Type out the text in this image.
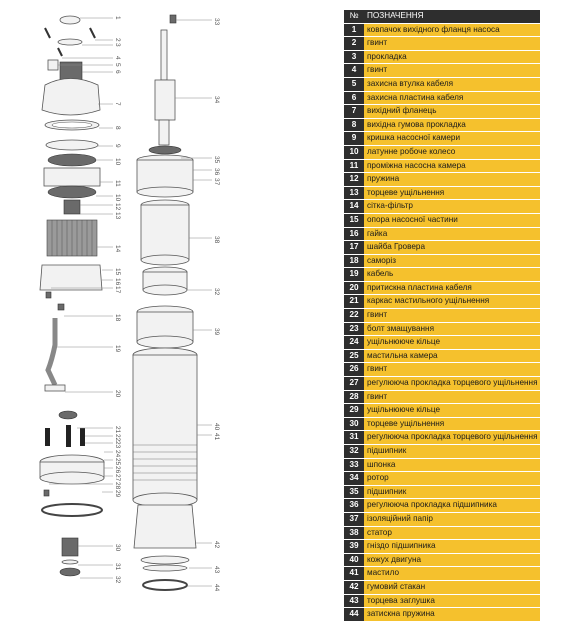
1
2
3
4
5
6
7
8
9
10
11
10
12
13
14
15
16
17
18
19
20
21
22
23
24
25
26
27
28
29
30
31
32
33
34
35
36
37
38
32
39
40
41
42
43
44
№	ПОЗНАЧЕННЯ
1	ковпачок вихідного фланця насоса
2	гвинт
3	прокладка
4	гвинт
5	захисна втулка кабеля
6	захисна пластина кабеля
7	вихідний фланець
8	вихідна гумова прокладка
9	кришка насосної камери
10	латунне робоче колесо
11	проміжна насосна камера
12	пружина
13	торцеве ущільнення
14	сітка-фільтр
15	опора насосної частини
16	гайка
17	шайба Гровера
18	саморіз
19	кабель
20	притискна пластина кабеля
21	каркас мастильного ущільнення
22	гвинт
23	болт змащування
24	ущільнююче кільце
25	мастильна камера
26	гвинт
27	регулююча прокладка торцевого ущільнення
28	гвинт
29	ущільнююче кільце
30	торцеве ущільнення
31	регулююча прокладка торцевого ущільнення
32	підшипник
33	шпонка
34	ротор
35	підшипник
36	регулююча прокладка підшипника
37	ізоляційний папір
38	статор
39	гніздо підшипника
40	кожух двигуна
41	мастило
42	гумовий стакан
43	торцева заглушка
44	затискна пружина
